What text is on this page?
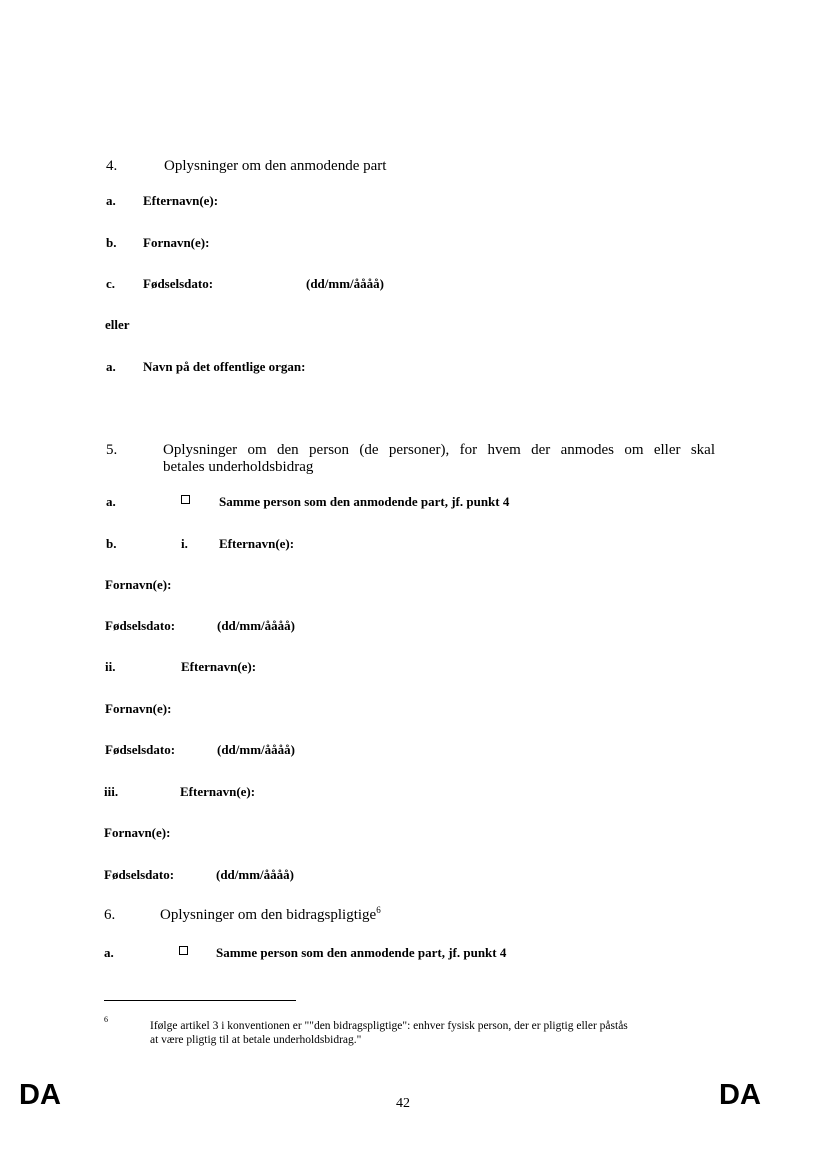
4.	Oplysninger om den anmodende part
a. Efternavn(e):
b. Fornavn(e):
c. Fødselsdato:	(dd/mm/åååå)
eller
a. Navn på det offentlige organ:
5.	Oplysninger om den person (de personer), for hvem der anmodes om eller skal
betales underholdsbidrag
a.	Samme person som den anmodende part, jf. punkt 4
b.	i. Efternavn(e):
Fornavn(e):
Fødselsdato:	(dd/mm/åååå)
ii.	Efternavn(e):
Fornavn(e):
Fødselsdato:	(dd/mm/åååå)
iii.	Efternavn(e):
Fornavn(e):
Fødselsdato:	(dd/mm/åååå)
6.	Oplysninger om den bidragspligtige$^6$
a.	Samme person som den anmodende part, jf. punkt 4
6
Ifølge artikel 3 i konventionen er ""den bidragspligtige": enhver fysisk person, der er pligtig eller påstås
at være pligtig til at betale underholdsbidrag."
DA	42	DA
